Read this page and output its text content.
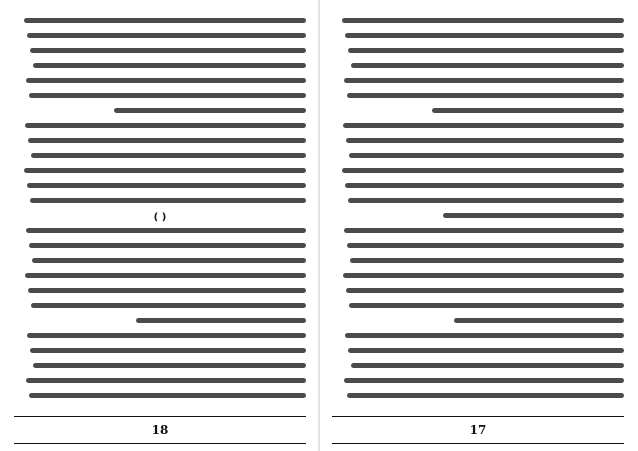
17

( )
18
